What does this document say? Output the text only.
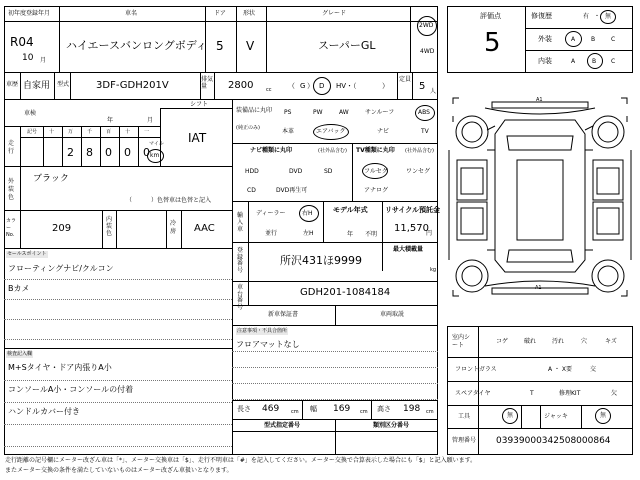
初年度登録年月	車名	ドア	形状	グレード
R04
10 月
ハイエースバンロングボディ 5 V	スーパーGL
2WD
4WD
車歴 自家用 型式	3DF-GDH201V
排気量	2800	cc	G D HV・（	）
（ ）
定員
5 人
車検
年	月
シフト
IAT
走行
記号 十	万	千	百	十	一
2 8 0 0 0
マイル
km
外装色
ブラック
（	）色替車は色替と記入
カラー No.
209
内装色
冷房 AAC
セールスポイント
フローティングナビ/クルコン
Bカメ
検査記入欄
M+Sタイヤ・ドア内張りA小
コンソールA小・コンソールの付着
ハンドルカバー付き
装備品に丸印
(純正のみ)
PS	PW	AW	サンルーフ	ABS
本革	エアバック	ナビ	TV
ナビ種類に丸印	(社外品含む)
HDD	DVD	SD
CD	DVD再生可
TV種類に丸印 (社外品含む)
フルセグ	ワンセグ
アナログ
輸入車
ディーラー	右H
並行	左H
モデル年式
年 不明
リサイクル預託金
11,570
円
登録番号
所沢431ほ9999
最大積載量
kg
車台番号
GDH201-1084184
新車保証書	車両取説
注意事項・不具合箇所
フロアマットなし
長さ 469 cm 幅 169 cm 高さ 198 cm
型式指定番号	類別区分番号
評価点
5
修復歴	有 ・ 無
外装	A	B	C
内装	A	B C
A1
A1
室内シート
コゲ	破れ	汚れ	穴	キズ
フロントガラス	A ・ X要	交
スペアタイヤ	T	修理KIT	欠
工具	無	ジャッキ	無
管理番号 03939000342508000864
走行距離の記号欄にメーター改ざん車は「*」、メーター交換車は「$」、走行不明車は「#」を記入してください。メーター交換で合算表示した場合にも「$」と記入願います。
またメーター交換の条件を満たしていないものはメーター改ざん車扱いとなります。
